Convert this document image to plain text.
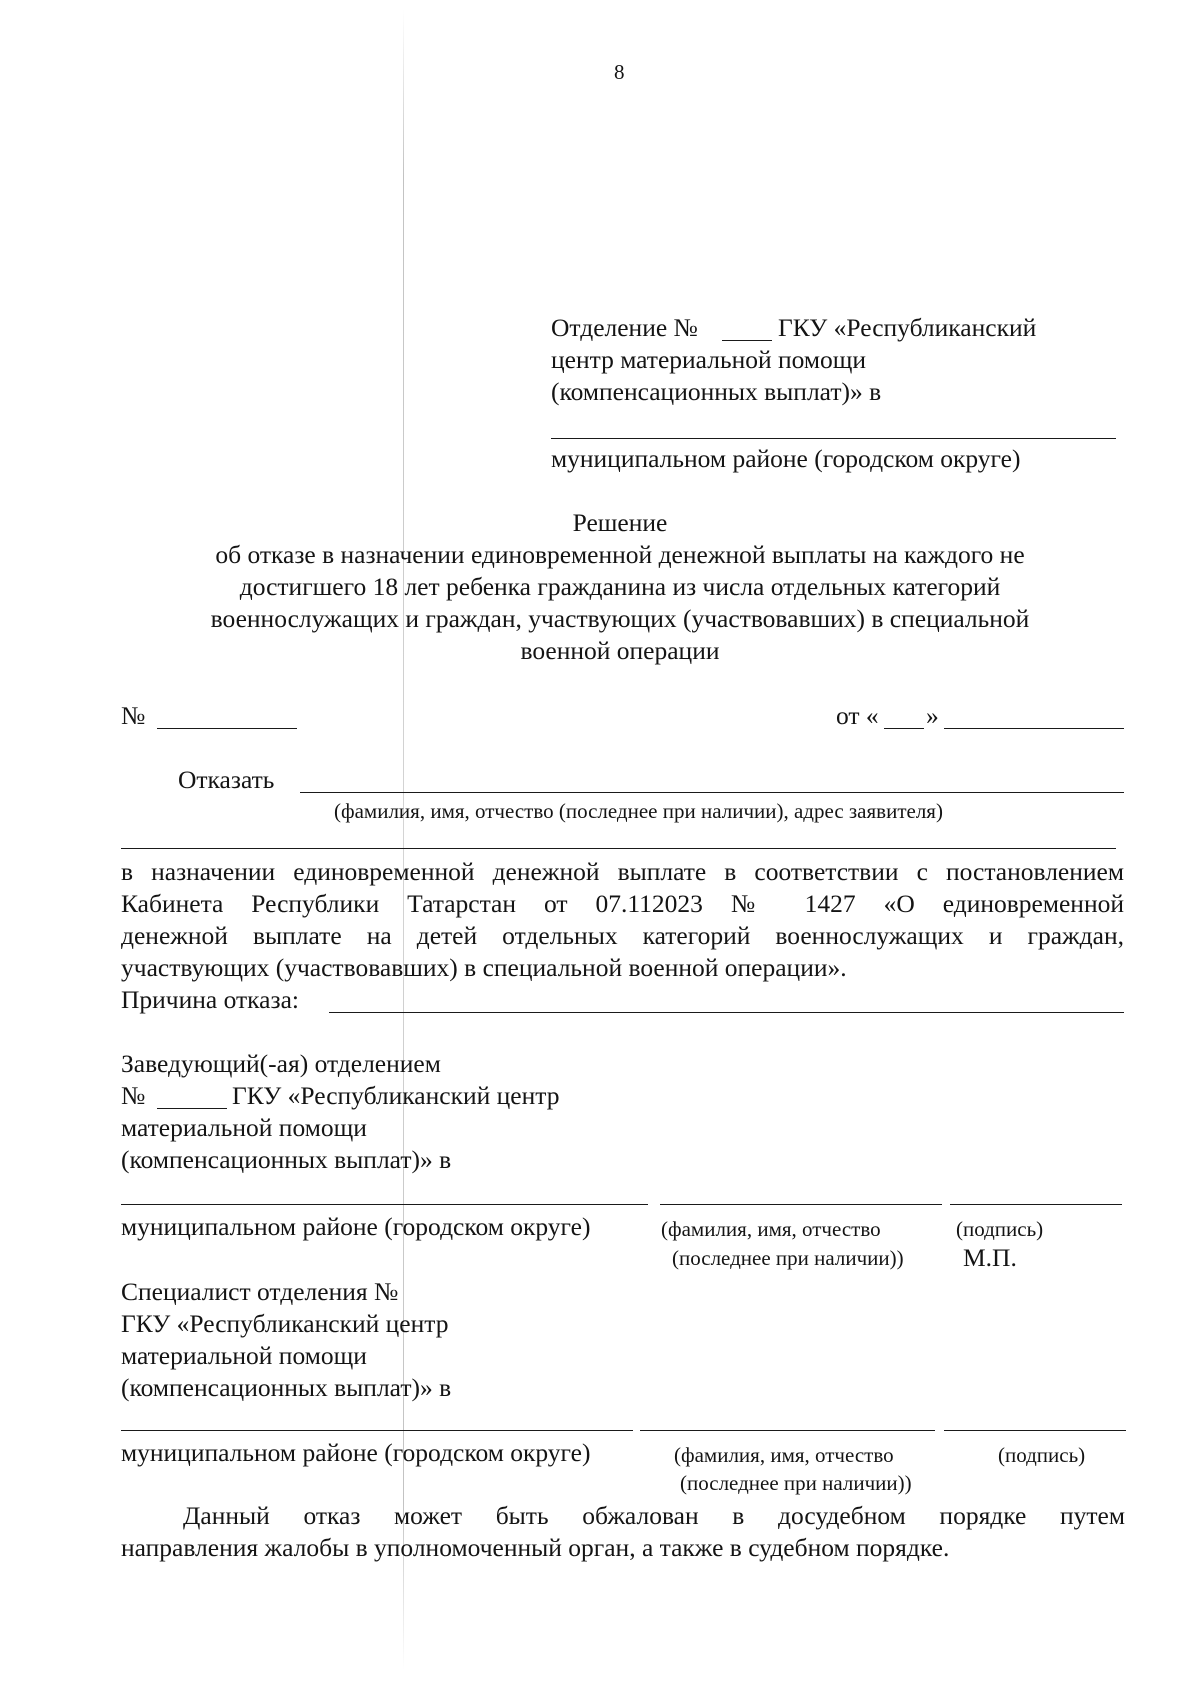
8
Отделение №	ГКУ «Республиканский
центр материальной помощи
(компенсационных выплат)» в
муниципальном районе (городском округе)
Решение
об отказе в назначении единовременной денежной выплаты на каждого не
достигшего 18 лет ребенка гражданина из числа отдельных категорий
военнослужащих и граждан, участвующих (участвовавших) в специальной
военной операции
№	от « »
Отказать
(фамилия, имя, отчество (последнее при наличии), адрес заявителя)
в назначении единовременной денежной выплате в соответствии с постановлением
Кабинета Республики Татарстан от 07.112023 № 1427 «О единовременной
денежной выплате на детей отдельных категорий военнослужащих и граждан,
участвующих (участвовавших) в специальной военной операции».
Причина отказа:
Заведующий(-ая) отделением
№	ГКУ «Республиканский центр
материальной помощи
(компенсационных выплат)» в
муниципальном районе (городском округе)	(фамилия, имя, отчество
(последнее при наличии))
(подпись)
М.П.
Специалист отделения №
ГКУ «Республиканский центр
материальной помощи
(компенсационных выплат)» в
муниципальном районе (городском округе)	(фамилия, имя, отчество
(последнее при наличии))
(подпись)
Данный отказ может быть обжалован в досудебном порядке путем
направления жалобы в уполномоченный орган, а также в судебном порядке.
